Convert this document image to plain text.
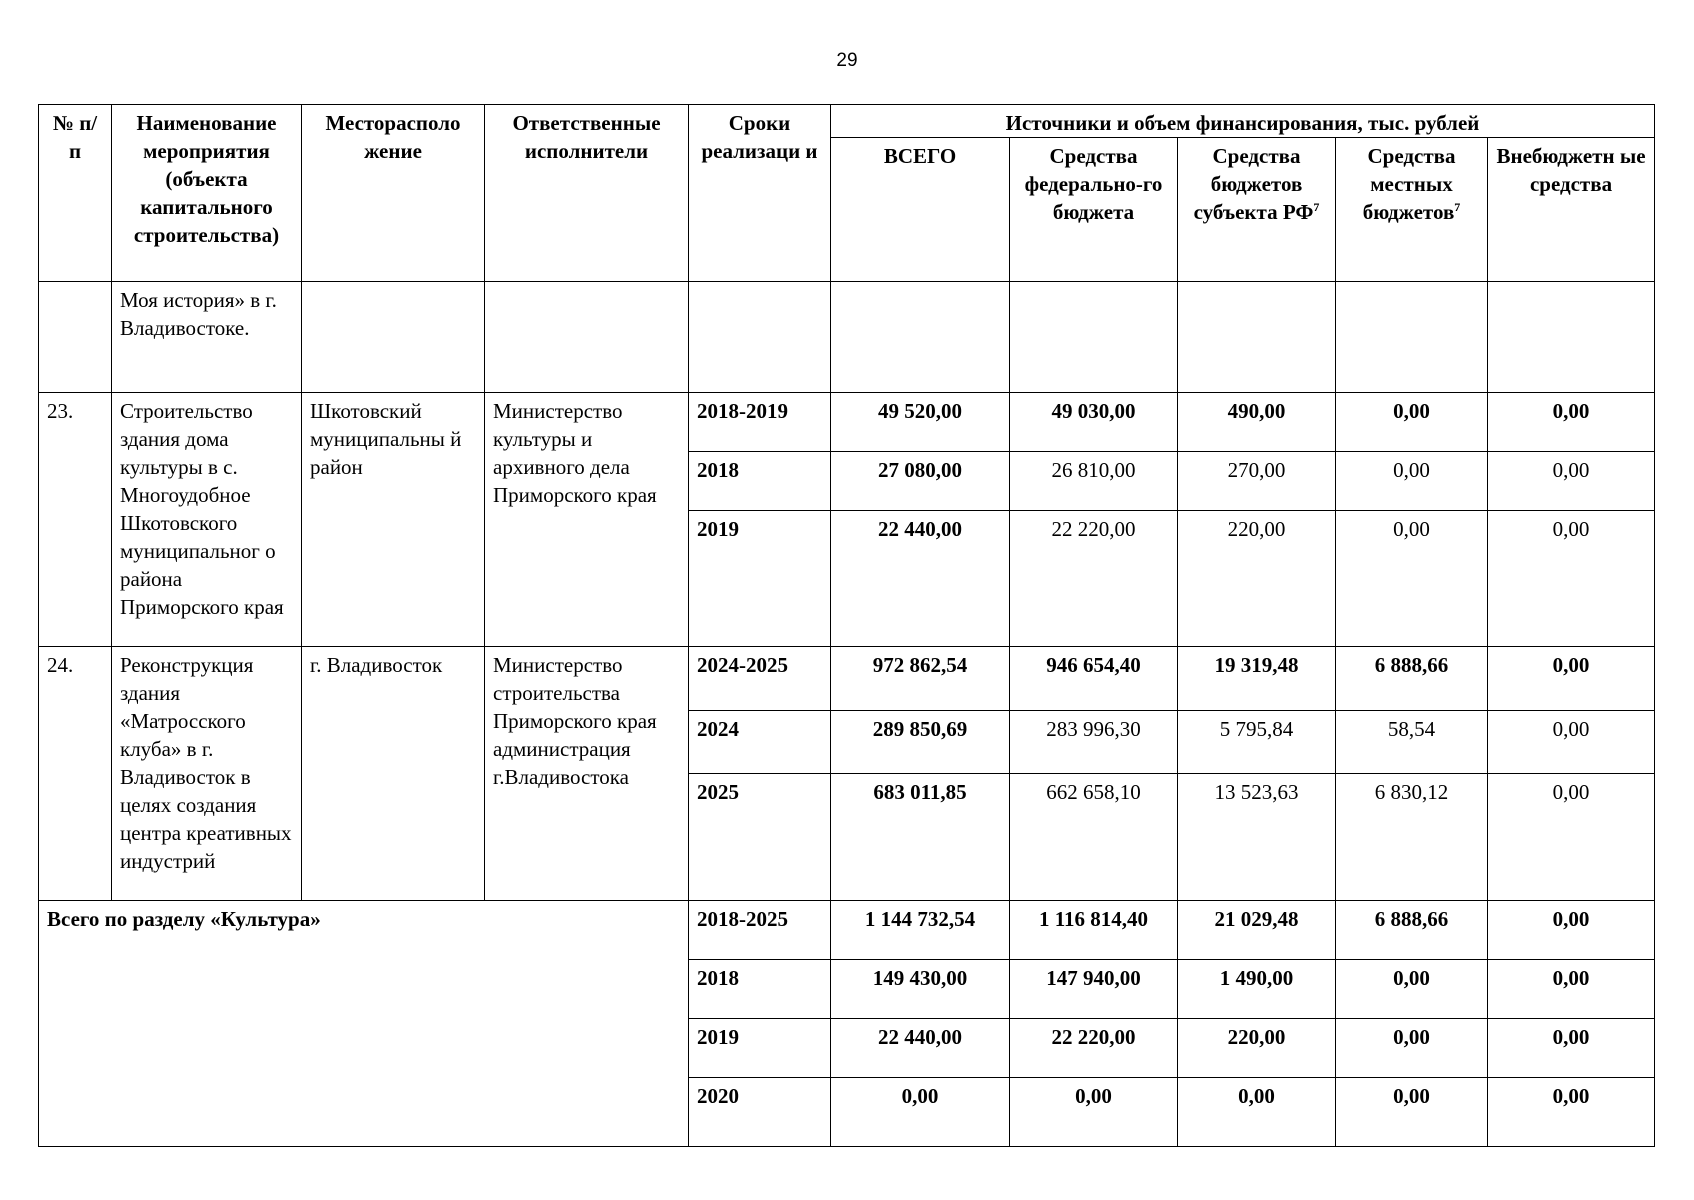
29
№ п/п	Наименование мероприятия (объекта капитального строительства)	Месторасполо жение	Ответственные исполнители	Сроки реализаци и	Источники и объем финансирования, тыс. рублей				
					ВСЕГО	Средства федерально-го бюджета	Средства бюджетов субъекта $РФ^7$	Средства местных бюджетов$^7$	Внебюджетн ые средства
	Моя история» в г. Владивостоке.								
23.	Строительство здания дома культуры в с. Многоудобное Шкотовского муниципальног о района Приморского края	Шкотовский муниципальны й район	Министерство культуры и архивного дела Приморского края	2018-2019	49 520,00	49 030,00	490,00	0,00	0,00
				2018	27 080,00	26 810,00	270,00	0,00	0,00
				2019	22 440,00	22 220,00	220,00	0,00	0,00
24.	Реконструкция здания «Матросского клуба» в г. Владивосток в целях создания центра креативных индустрий	г. Владивосток	Министерство строительства Приморского края администрация г.Владивостока	2024-2025	972 862,54	946 654,40	19 319,48	6 888,66	0,00
				2024	289 850,69	283 996,30	5 795,84	58,54	0,00
				2025	683 011,85	662 658,10	13 523,63	6 830,12	0,00
Всего по разделу «Культура»				2018-2025	1 144 732,54	1 116 814,40	21 029,48	6 888,66	0,00
				2018	149 430,00	147 940,00	1 490,00	0,00	0,00
				2019	22 440,00	22 220,00	220,00	0,00	0,00
				2020	0,00	0,00	0,00	0,00	0,00
